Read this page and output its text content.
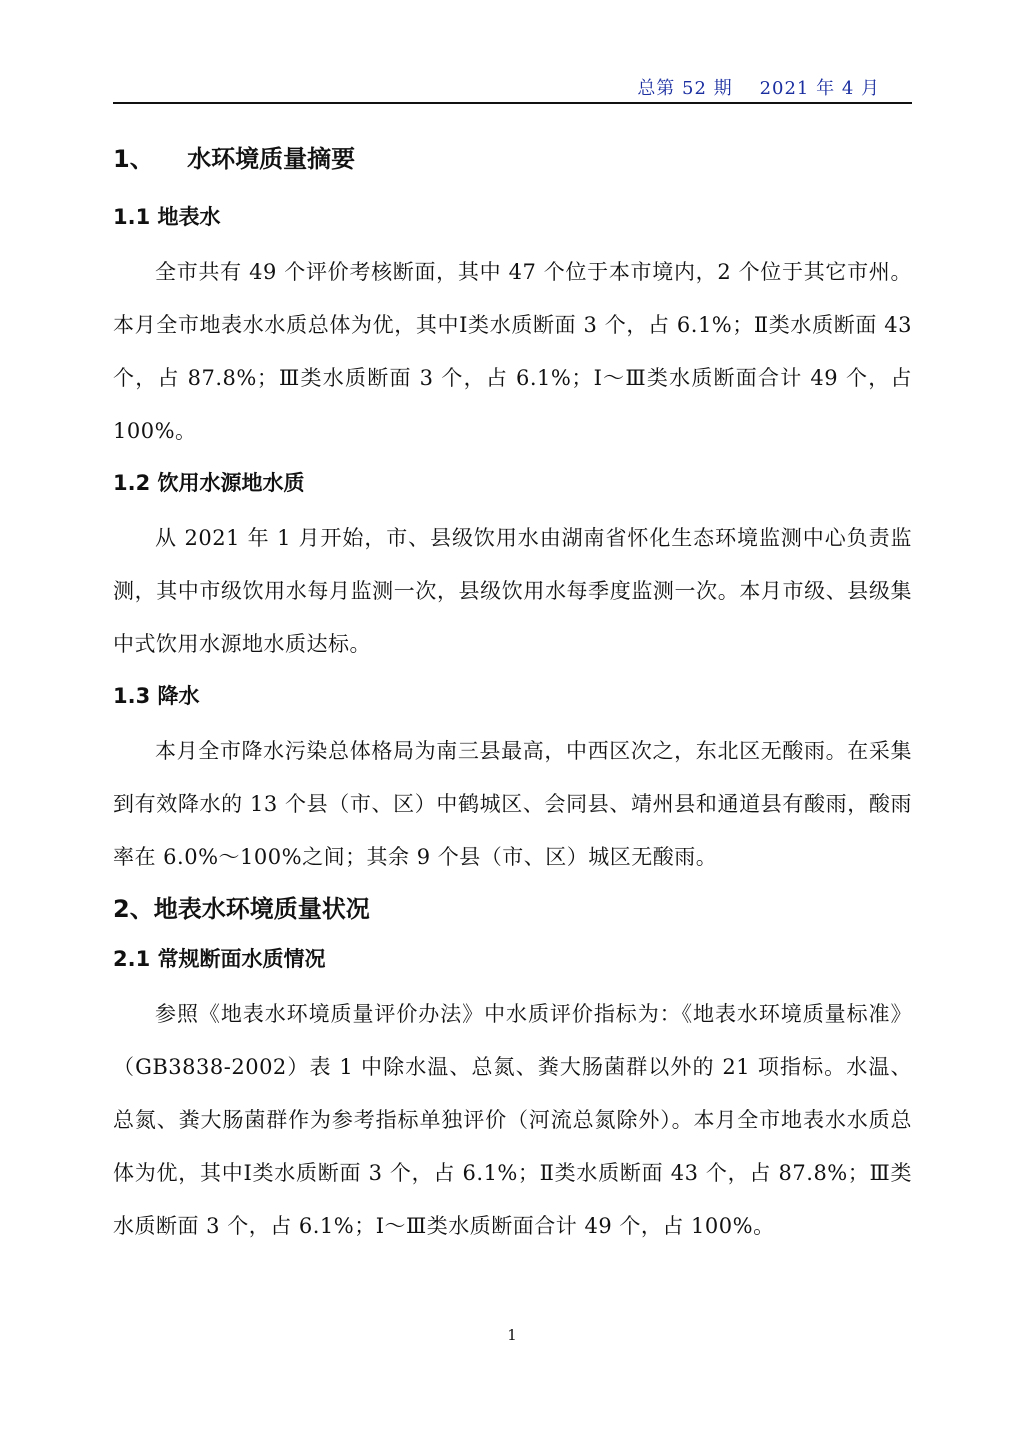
总第 52 期 2021 年 4 月
1、    水环境质量摘要
1.1 地表水

全市共有 49 个评价考核断面，其中 47 个位于本市境内，2 个位于其它市州。本月全市地表水水质总体为优，其中Ⅰ类水质断面 3 个，占 6.1%；Ⅱ类水质断面 43 个，占 87.8%；Ⅲ类水质断面 3 个，占 6.1%；Ⅰ～Ⅲ类水质断面合计 49 个，占 100%。

1.2 饮用水源地水质

从 2021 年 1 月开始，市、县级饮用水由湖南省怀化生态环境监测中心负责监测，其中市级饮用水每月监测一次，县级饮用水每季度监测一次。本月市级、县级集中式饮用水源地水质达标。

1.3 降水

本月全市降水污染总体格局为南三县最高，中西区次之，东北区无酸雨。在采集到有效降水的 13 个县（市、区）中鹤城区、会同县、靖州县和通道县有酸雨，酸雨率在 6.0%～100%之间；其余 9 个县（市、区）城区无酸雨。

2、地表水环境质量状况
2.1 常规断面水质情况

参照《地表水环境质量评价办法》中水质评价指标为：《地表水环境质量标准》（GB3838-2002）表 1 中除水温、总氮、粪大肠菌群以外的 21 项指标。水温、总氮、粪大肠菌群作为参考指标单独评价（河流总氮除外）。本月全市地表水水质总体为优，其中Ⅰ类水质断面 3 个，占 6.1%；Ⅱ类水质断面 43 个，占 87.8%；Ⅲ类水质断面 3 个，占 6.1%；Ⅰ～Ⅲ类水质断面合计 49 个，占 100%。

1
